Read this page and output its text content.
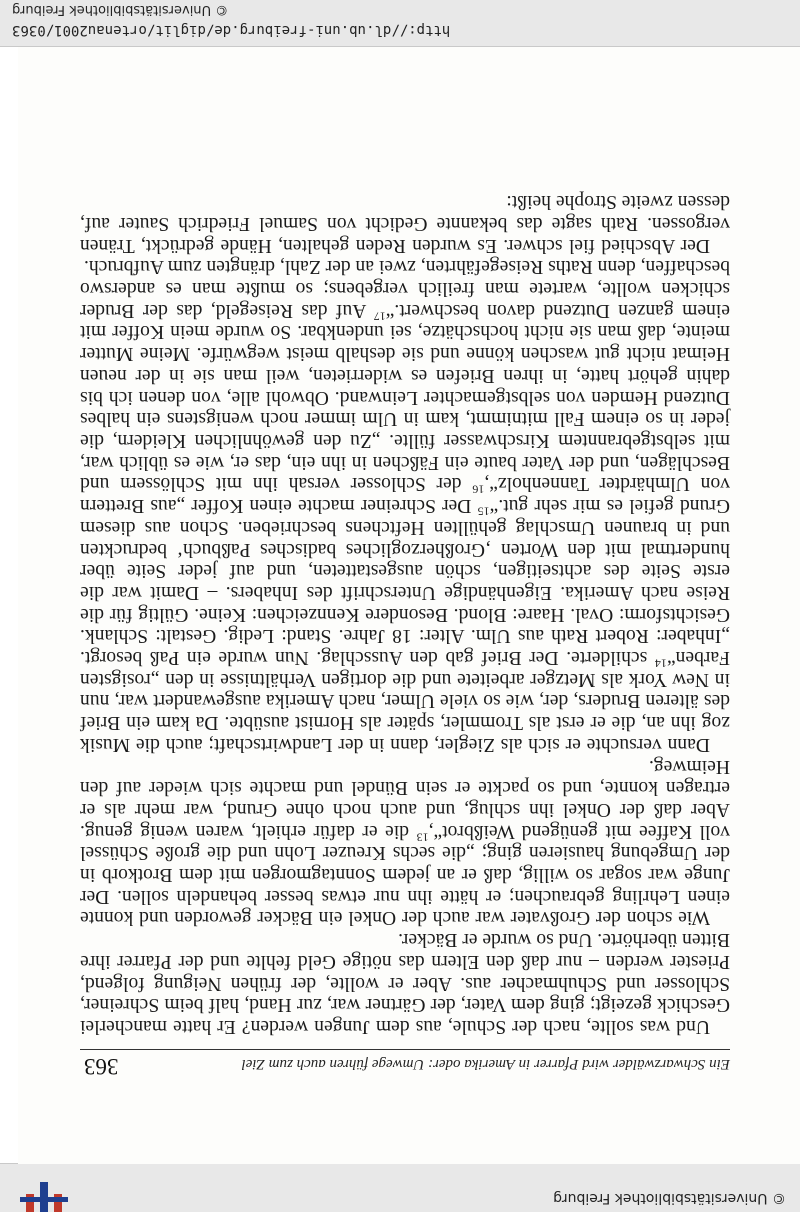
© Universitätsbibliothek Freiburg
Ein Schwarzwälder wird Pfarrer in Amerika oder: Umwege führen auch zum Ziel
363

Und was sollte, nach der Schule, aus dem Jungen werden? Er hatte mancherlei Geschick gezeigt; ging dem Vater, der Gärtner war, zur Hand, half beim Schreiner, Schlosser und Schuhmacher aus. Aber er wollte, der frühen Neigung folgend, Priester werden – nur daß den Eltern das nötige Geld fehlte und der Pfarrer ihre Bitten überhörte. Und so wurde er Bäcker.

Wie schon der Großvater war auch der Onkel ein Bäcker geworden und konnte einen Lehrling gebrauchen; er hätte ihn nur etwas besser behandeln sollen. Der Junge war sogar so willig, daß er an jedem Sonntagmorgen mit dem Brotkorb in der Umgebung hausieren ging; „die sechs Kreuzer Lohn und die große Schüssel voll Kaffee mit genügend Weißbrot“,$^{13}$ die er dafür erhielt, waren wenig genug. Aber daß der Onkel ihn schlug, und auch noch ohne Grund, war mehr als er ertragen konnte, und so packte er sein Bündel und machte sich wieder auf den Heimweg.

Dann versuchte er sich als Ziegler, dann in der Landwirtschaft; auch die Musik zog ihn an, die er erst als Trommler, später als Hornist ausübte. Da kam ein Brief des älteren Bruders, der, wie so viele Ulmer, nach Amerika ausgewandert war, nun in New York als Metzger arbeitete und die dortigen Verhältnisse in den „rosigsten Farben“$^{14}$ schilderte. Der Brief gab den Ausschlag. Nun wurde ein Paß besorgt. „Inhaber: Robert Rath aus Ulm. Alter: 18 Jahre. Stand: Ledig. Gestalt: Schlank. Gesichtsform: Oval. Haare: Blond. Besondere Kennzeichen: Keine. Gültig für die Reise nach Amerika. Eigenhändige Unterschrift des Inhabers. – Damit war die erste Seite des achtseitigen, schön ausgestatteten, und auf jeder Seite über hundertmal mit den Worten ‚Großherzogliches badisches Paßbuch‘ bedruckten und in braunen Umschlag gehüllten Heftchens beschrieben. Schon aus diesem Grund gefiel es mir sehr gut.“$^{15}$ Der Schreiner machte einen Koffer „aus Brettern von Ulmhärdter Tannenholz“,$^{16}$ der Schlosser versah ihn mit Schlössern und Beschlägen, und der Vater baute ein Fäßchen in ihn ein, das er, wie es üblich war, mit selbstgebranntem Kirschwasser füllte. „Zu den gewöhnlichen Kleidern, die jeder in so einem Fall mitnimmt, kam in Ulm immer noch wenigstens ein halbes Dutzend Hemden von selbstgemachter Leinwand. Obwohl alle, von denen ich bis dahin gehört hatte, in ihren Briefen es widerrieten, weil man sie in der neuen Heimat nicht gut waschen könne und sie deshalb meist wegwürfe. Meine Mutter meinte, daß man sie nicht hochschätze, sei undenkbar. So wurde mein Koffer mit einem ganzen Dutzend davon beschwert.“$^{17}$ Auf das Reisegeld, das der Bruder schicken wollte, wartete man freilich vergebens; so mußte man es anderswo beschaffen, denn Raths Reisegefährten, zwei an der Zahl, drängten zum Aufbruch.

Der Abschied fiel schwer. Es wurden Reden gehalten, Hände gedrückt, Tränen vergossen. Rath sagte das bekannte Gedicht von Samuel Friedrich Sauter auf, dessen zweite Strophe heißt:

http://dl.ub.uni-freiburg.de/diglit/ortenau2001/0363
© Universitätsbibliothek Freiburg
